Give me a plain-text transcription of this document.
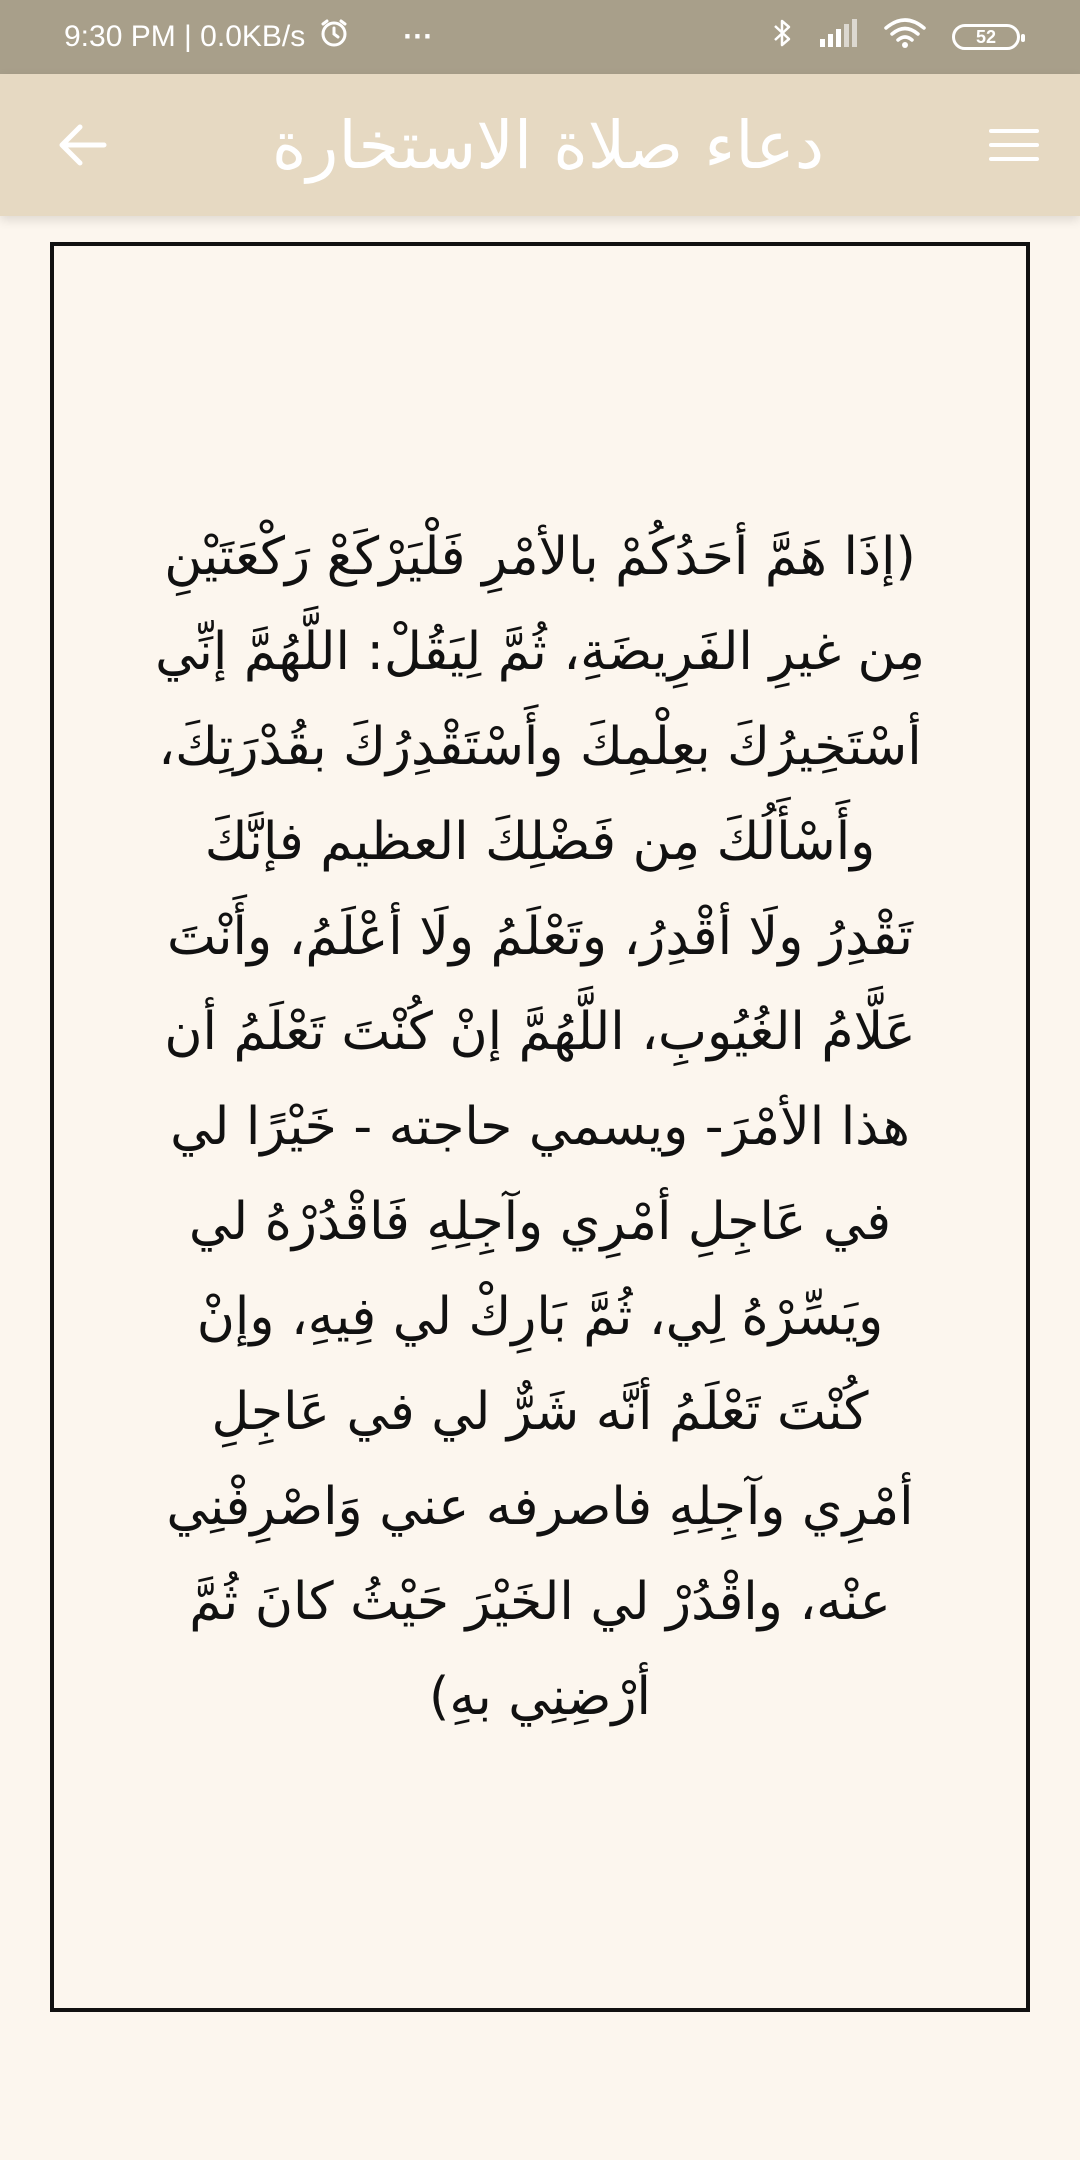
9:30 PM | 0.0KB/s	···	52
دعاء صلاة الاستخارة
(إذَا هَمَّ أحَدُكُمْ بالأمْرِ فَلْيَرْكَعْ رَكْعَتَيْنِ
مِن غيرِ الفَرِيضَةِ، ثُمَّ لِيَقُلْ: اللَّهُمَّ إنِّي
أسْتَخِيرُكَ بعِلْمِكَ وأَسْتَقْدِرُكَ بقُدْرَتِكَ،
وأَسْأَلُكَ مِن فَضْلِكَ العظيم فإنَّكَ
تَقْدِرُ ولَا أقْدِرُ، وتَعْلَمُ ولَا أعْلَمُ، وأَنْتَ
عَلَّامُ الغُيُوبِ، اللَّهُمَّ إنْ كُنْتَ تَعْلَمُ أن
هذا الأمْرَ- ويسمي حاجته - خَيْرًا لي
في عَاجِلِ أمْرِي وآجِلِهِ فَاقْدُرْهُ لي
ويَسِّرْهُ لِي، ثُمَّ بَارِكْ لي فِيهِ، وإنْ
كُنْتَ تَعْلَمُ أنَّه شَرٌّ لي في عَاجِلِ
أمْرِي وآجِلِهِ فاصرفه عني وَاصْرِفْنِي
عنْه، واقْدُرْ لي الخَيْرَ حَيْثُ كانَ ثُمَّ
أرْضِنِي بهِ)
